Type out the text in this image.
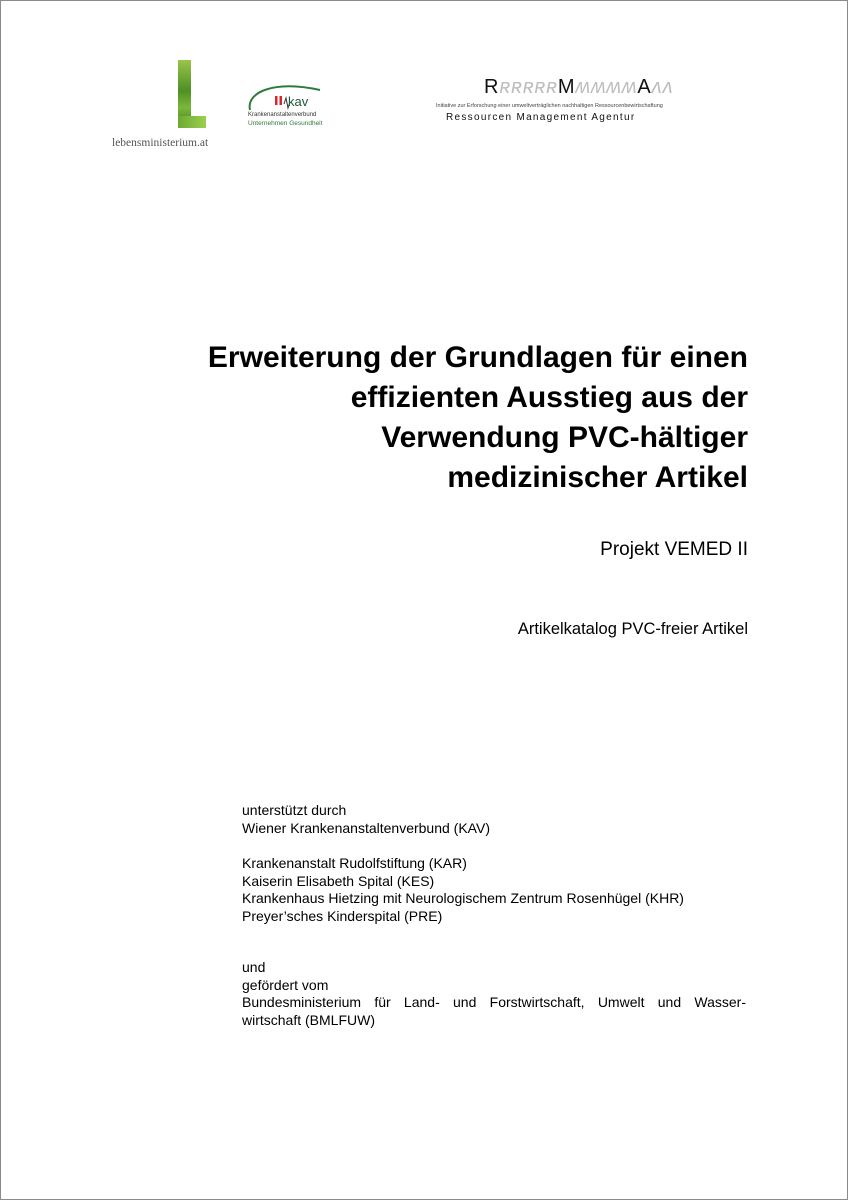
lebensministerium.at
kav
Krankenanstaltenverbund
Unternehmen Gesundheit
RʀʀʀʀʀMʍʍʍʍAʌʌ
Initiative zur Erforschung einer umweltverträglichen nachhaltigen Ressourcenbewirtschaftung
Ressourcen Management Agentur
Erweiterung der Grundlagen für einen
effizienten Ausstieg aus der
Verwendung PVC-hältiger
medizinischer Artikel
Projekt VEMED II
Artikelkatalog PVC-freier Artikel

unterstützt durch

Wiener Krankenanstaltenverbund (KAV)

Krankenanstalt Rudolfstiftung (KAR)

Kaiserin Elisabeth Spital (KES)

Krankenhaus Hietzing mit Neurologischem Zentrum Rosenhügel (KHR)

Preyer’sches Kinderspital (PRE)

und

gefördert vom

Bundesministerium für Land- und Forstwirtschaft, Umwelt und Wasser-

wirtschaft (BMLFUW)
